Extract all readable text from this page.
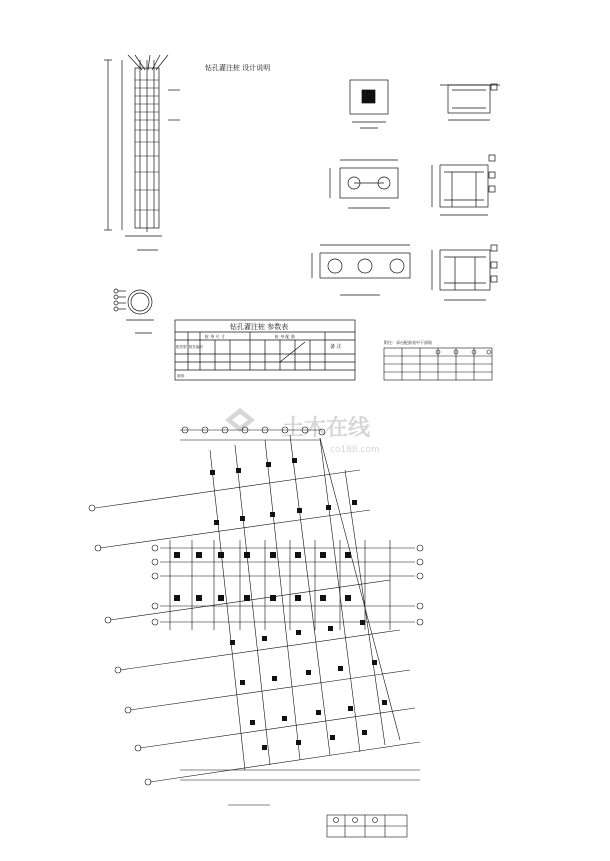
钻孔灌注桩 设计说明
钻孔灌注桩 参数表
桩 身 尺 寸	桩 身 配 筋
备 注
桩类型 桩长编号
说明：
附注：承台配筋表中下部筋
土木在线
co188.com
